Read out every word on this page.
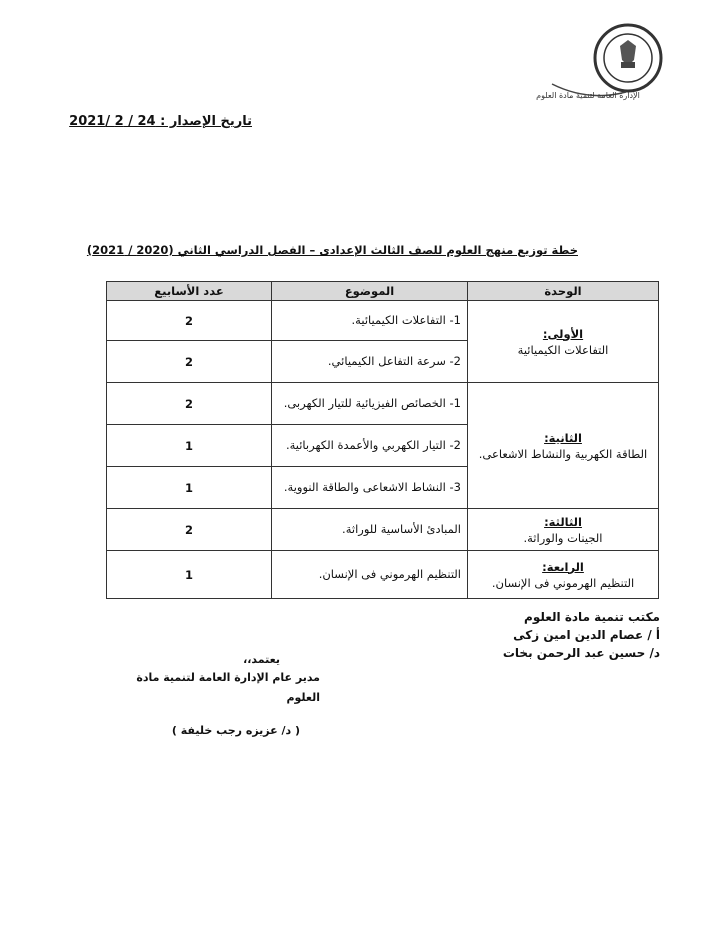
الإدارة العامة لتنمية مادة العلوم
تاريخ الإصدار : 24 / 2 /2021
خطة توزيع منهج العلوم للصف الثالث الإعدادى – الفصل الدراسي الثاني (2020 / 2021)
الوحدة	الموضوع	عدد الأسابيع

الأولى:
التفاعلات الكيميائية	1- التفاعلات الكيميائية.	2
	2- سرعة التفاعل الكيميائي.	2

الثانية:
الطاقة الكهربية والنشاط الاشعاعى.	1- الخصائص الفيزيائية للتيار الكهربى.	2
	2- التيار الكهربي والأعمدة الكهربائية.	1
	3- النشاط الاشعاعى والطاقة النووية.	1

الثالثة:
الجينات والوراثة.	المبادئ الأساسية للوراثة.	2

الرابعة:
التنظيم الهرموني فى الإنسان.	التنظيم الهرموني فى الإنسان.	1
مكتب تنمية مادة العلوم
أ / عصام الدين امين زكى
د/ حسين عبد الرحمن بخات
يعتمد،،
مدير عام الإدارة العامة لتنمية مادة العلوم
( د/ عزيزه رجب خليفة )
